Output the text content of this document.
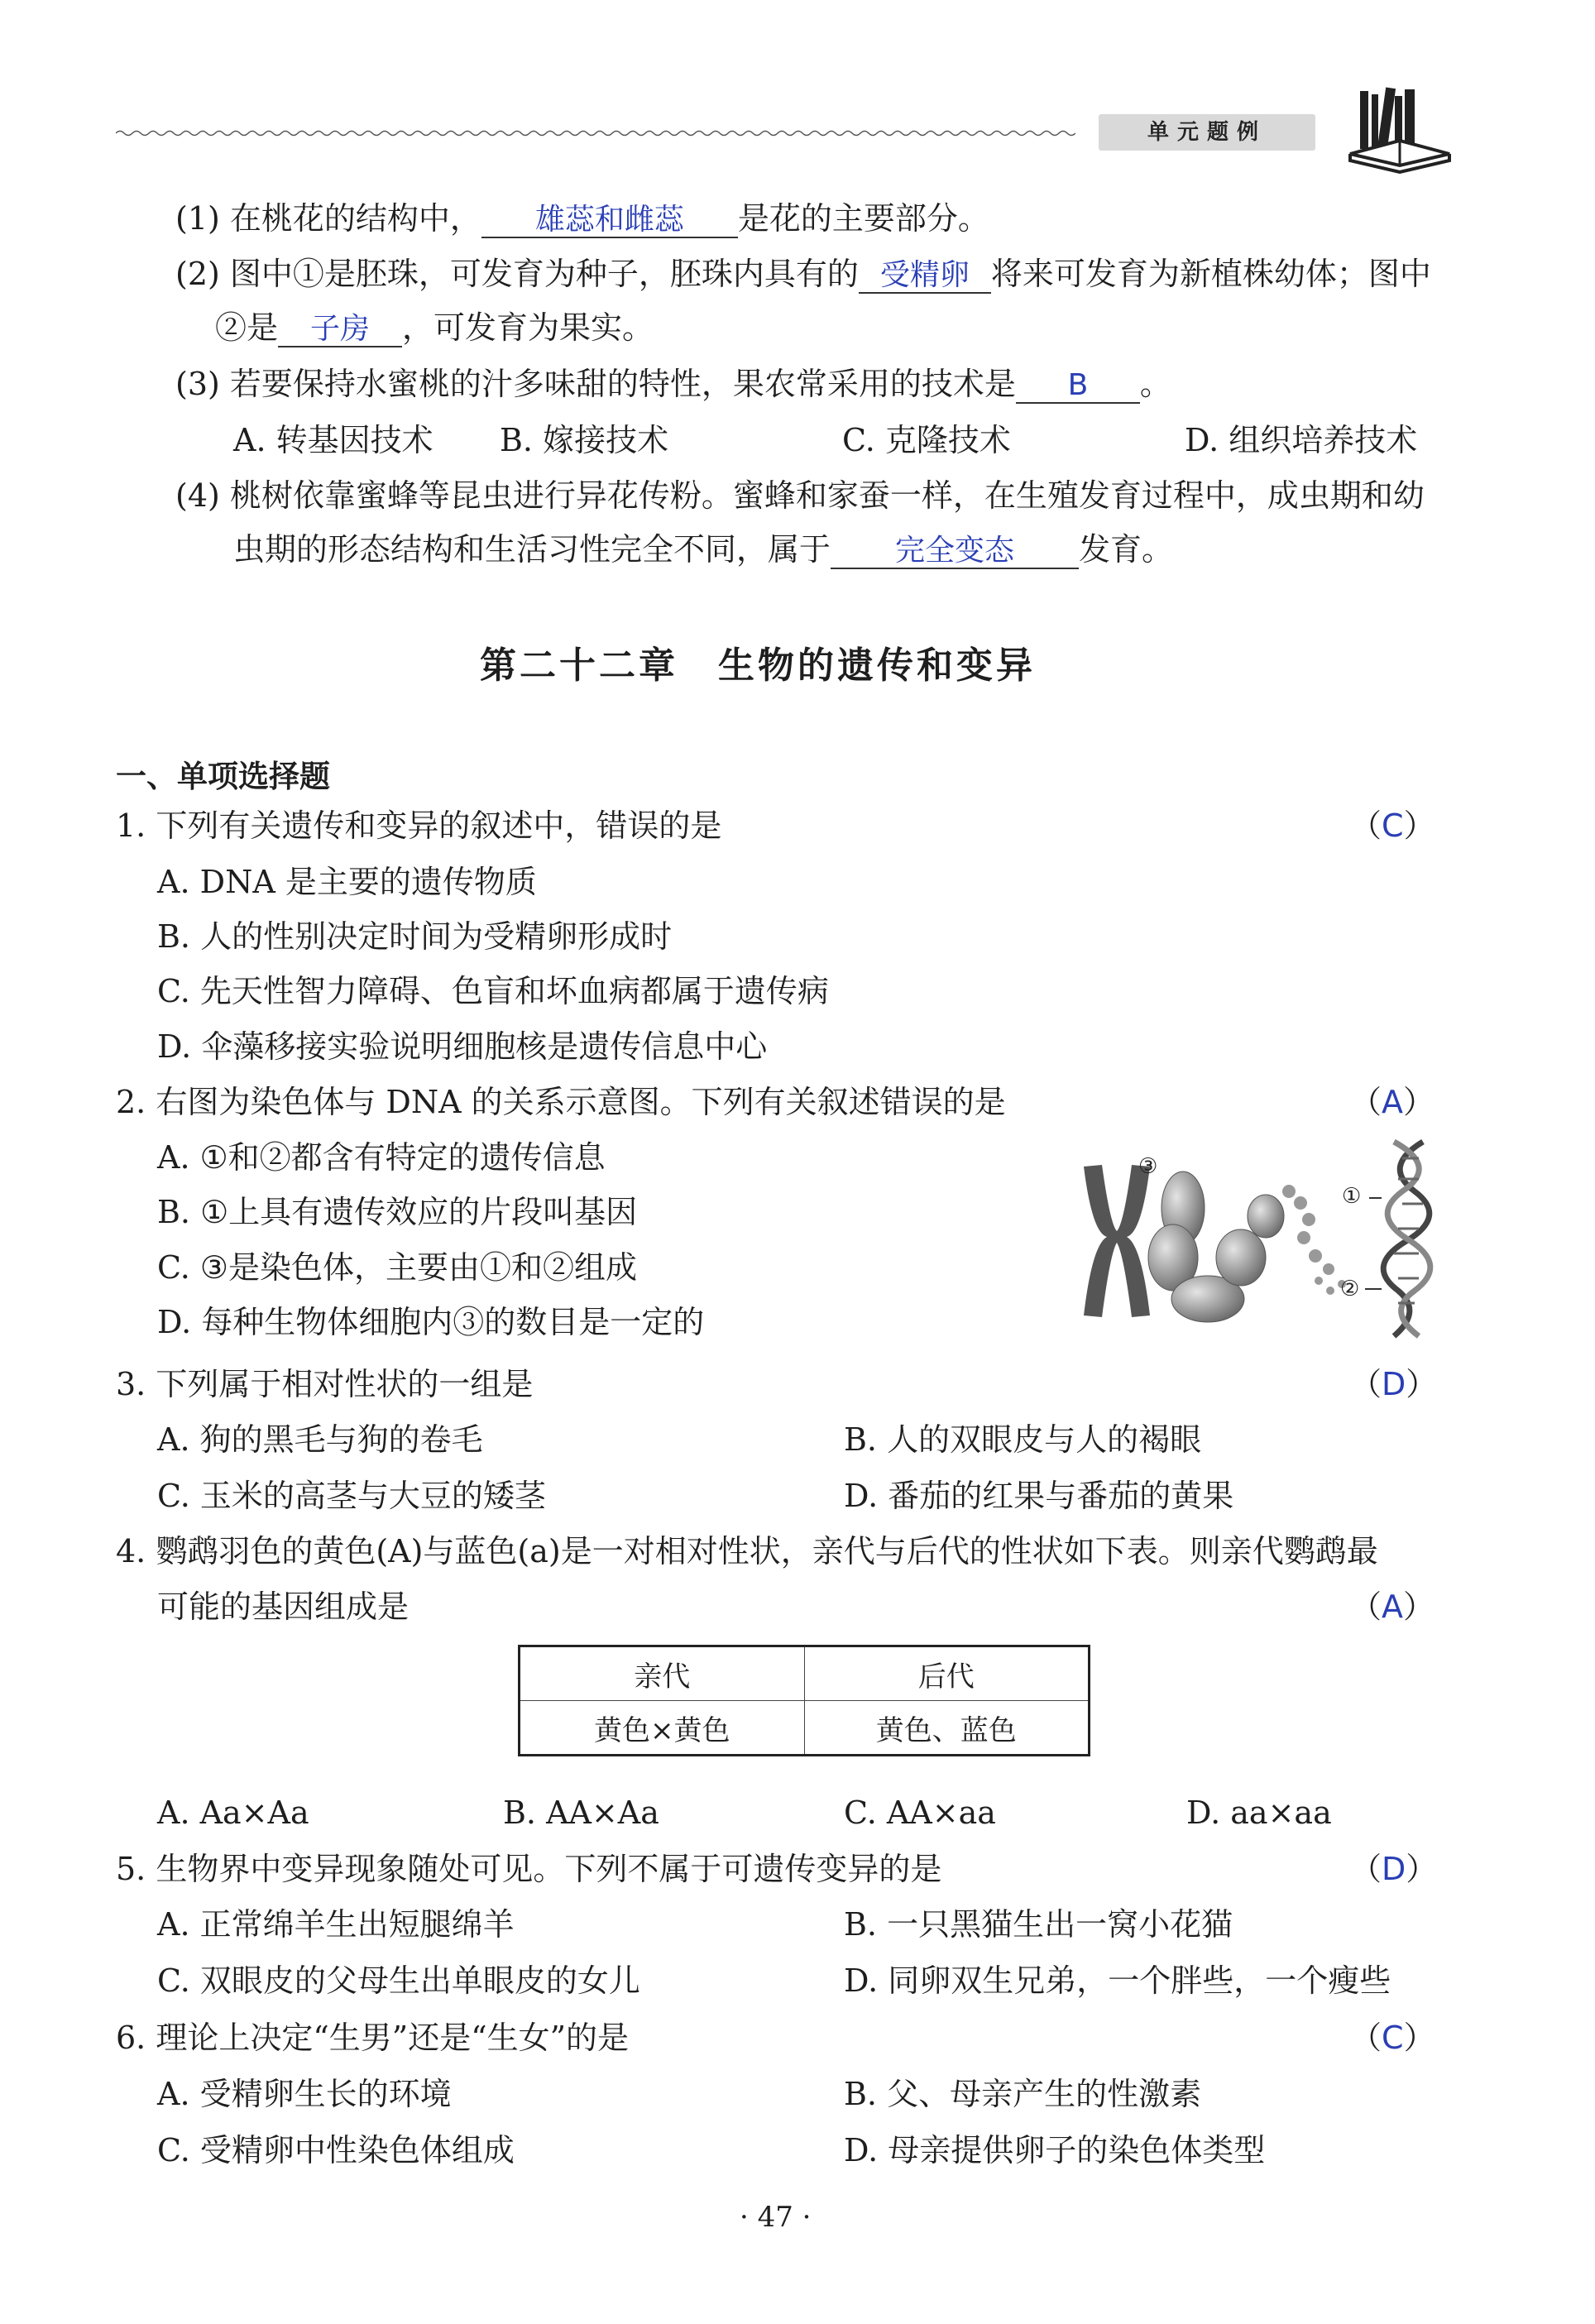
单元题例
(1) 在桃花的结构中， 雄蕊和雌蕊 是花的主要部分。
(2) 图中①是胚珠，可发育为种子，胚珠内具有的 受精卵 将来可发育为新植株幼体；图中
②是 子房 ，可发育为果实。
(3) 若要保持水蜜桃的汁多味甜的特性，果农常采用的技术是 B 。
A. 转基因技术 B. 嫁接技术	C. 克隆技术	D. 组织培养技术
(4) 桃树依靠蜜蜂等昆虫进行异花传粉。蜜蜂和家蚕一样，在生殖发育过程中，成虫期和幼
虫期的形态结构和生活习性完全不同，属于 完全变态 发育。
第二十二章　生物的遗传和变异
一、单项选择题
1. 下列有关遗传和变异的叙述中，错误的是	（C）
A. DNA 是主要的遗传物质
B. 人的性别决定时间为受精卵形成时
C. 先天性智力障碍、色盲和坏血病都属于遗传病
D. 伞藻移接实验说明细胞核是遗传信息中心
2. 右图为染色体与 DNA 的关系示意图。下列有关叙述错误的是	（A）
A. ①和②都含有特定的遗传信息
B. ①上具有遗传效应的片段叫基因
C. ③是染色体，主要由①和②组成
D. 每种生物体细胞内③的数目是一定的
③
①
②
3. 下列属于相对性状的一组是	（D）
A. 狗的黑毛与狗的卷毛	B. 人的双眼皮与人的褐眼
C. 玉米的高茎与大豆的矮茎	D. 番茄的红果与番茄的黄果
4. 鹦鹉羽色的黄色(A)与蓝色(a)是一对相对性状，亲代与后代的性状如下表。则亲代鹦鹉最
可能的基因组成是	（A）
亲代	后代
黄色×黄色	黄色、蓝色
A. Aa×Aa	B. AA×Aa	C. AA×aa	D. aa×aa
5. 生物界中变异现象随处可见。下列不属于可遗传变异的是	（D）
A. 正常绵羊生出短腿绵羊	B. 一只黑猫生出一窝小花猫
C. 双眼皮的父母生出单眼皮的女儿	D. 同卵双生兄弟，一个胖些，一个瘦些
6. 理论上决定“生男”还是“生女”的是	（C）
A. 受精卵生长的环境	B. 父、母亲产生的性激素
C. 受精卵中性染色体组成	D. 母亲提供卵子的染色体类型
· 47 ·
